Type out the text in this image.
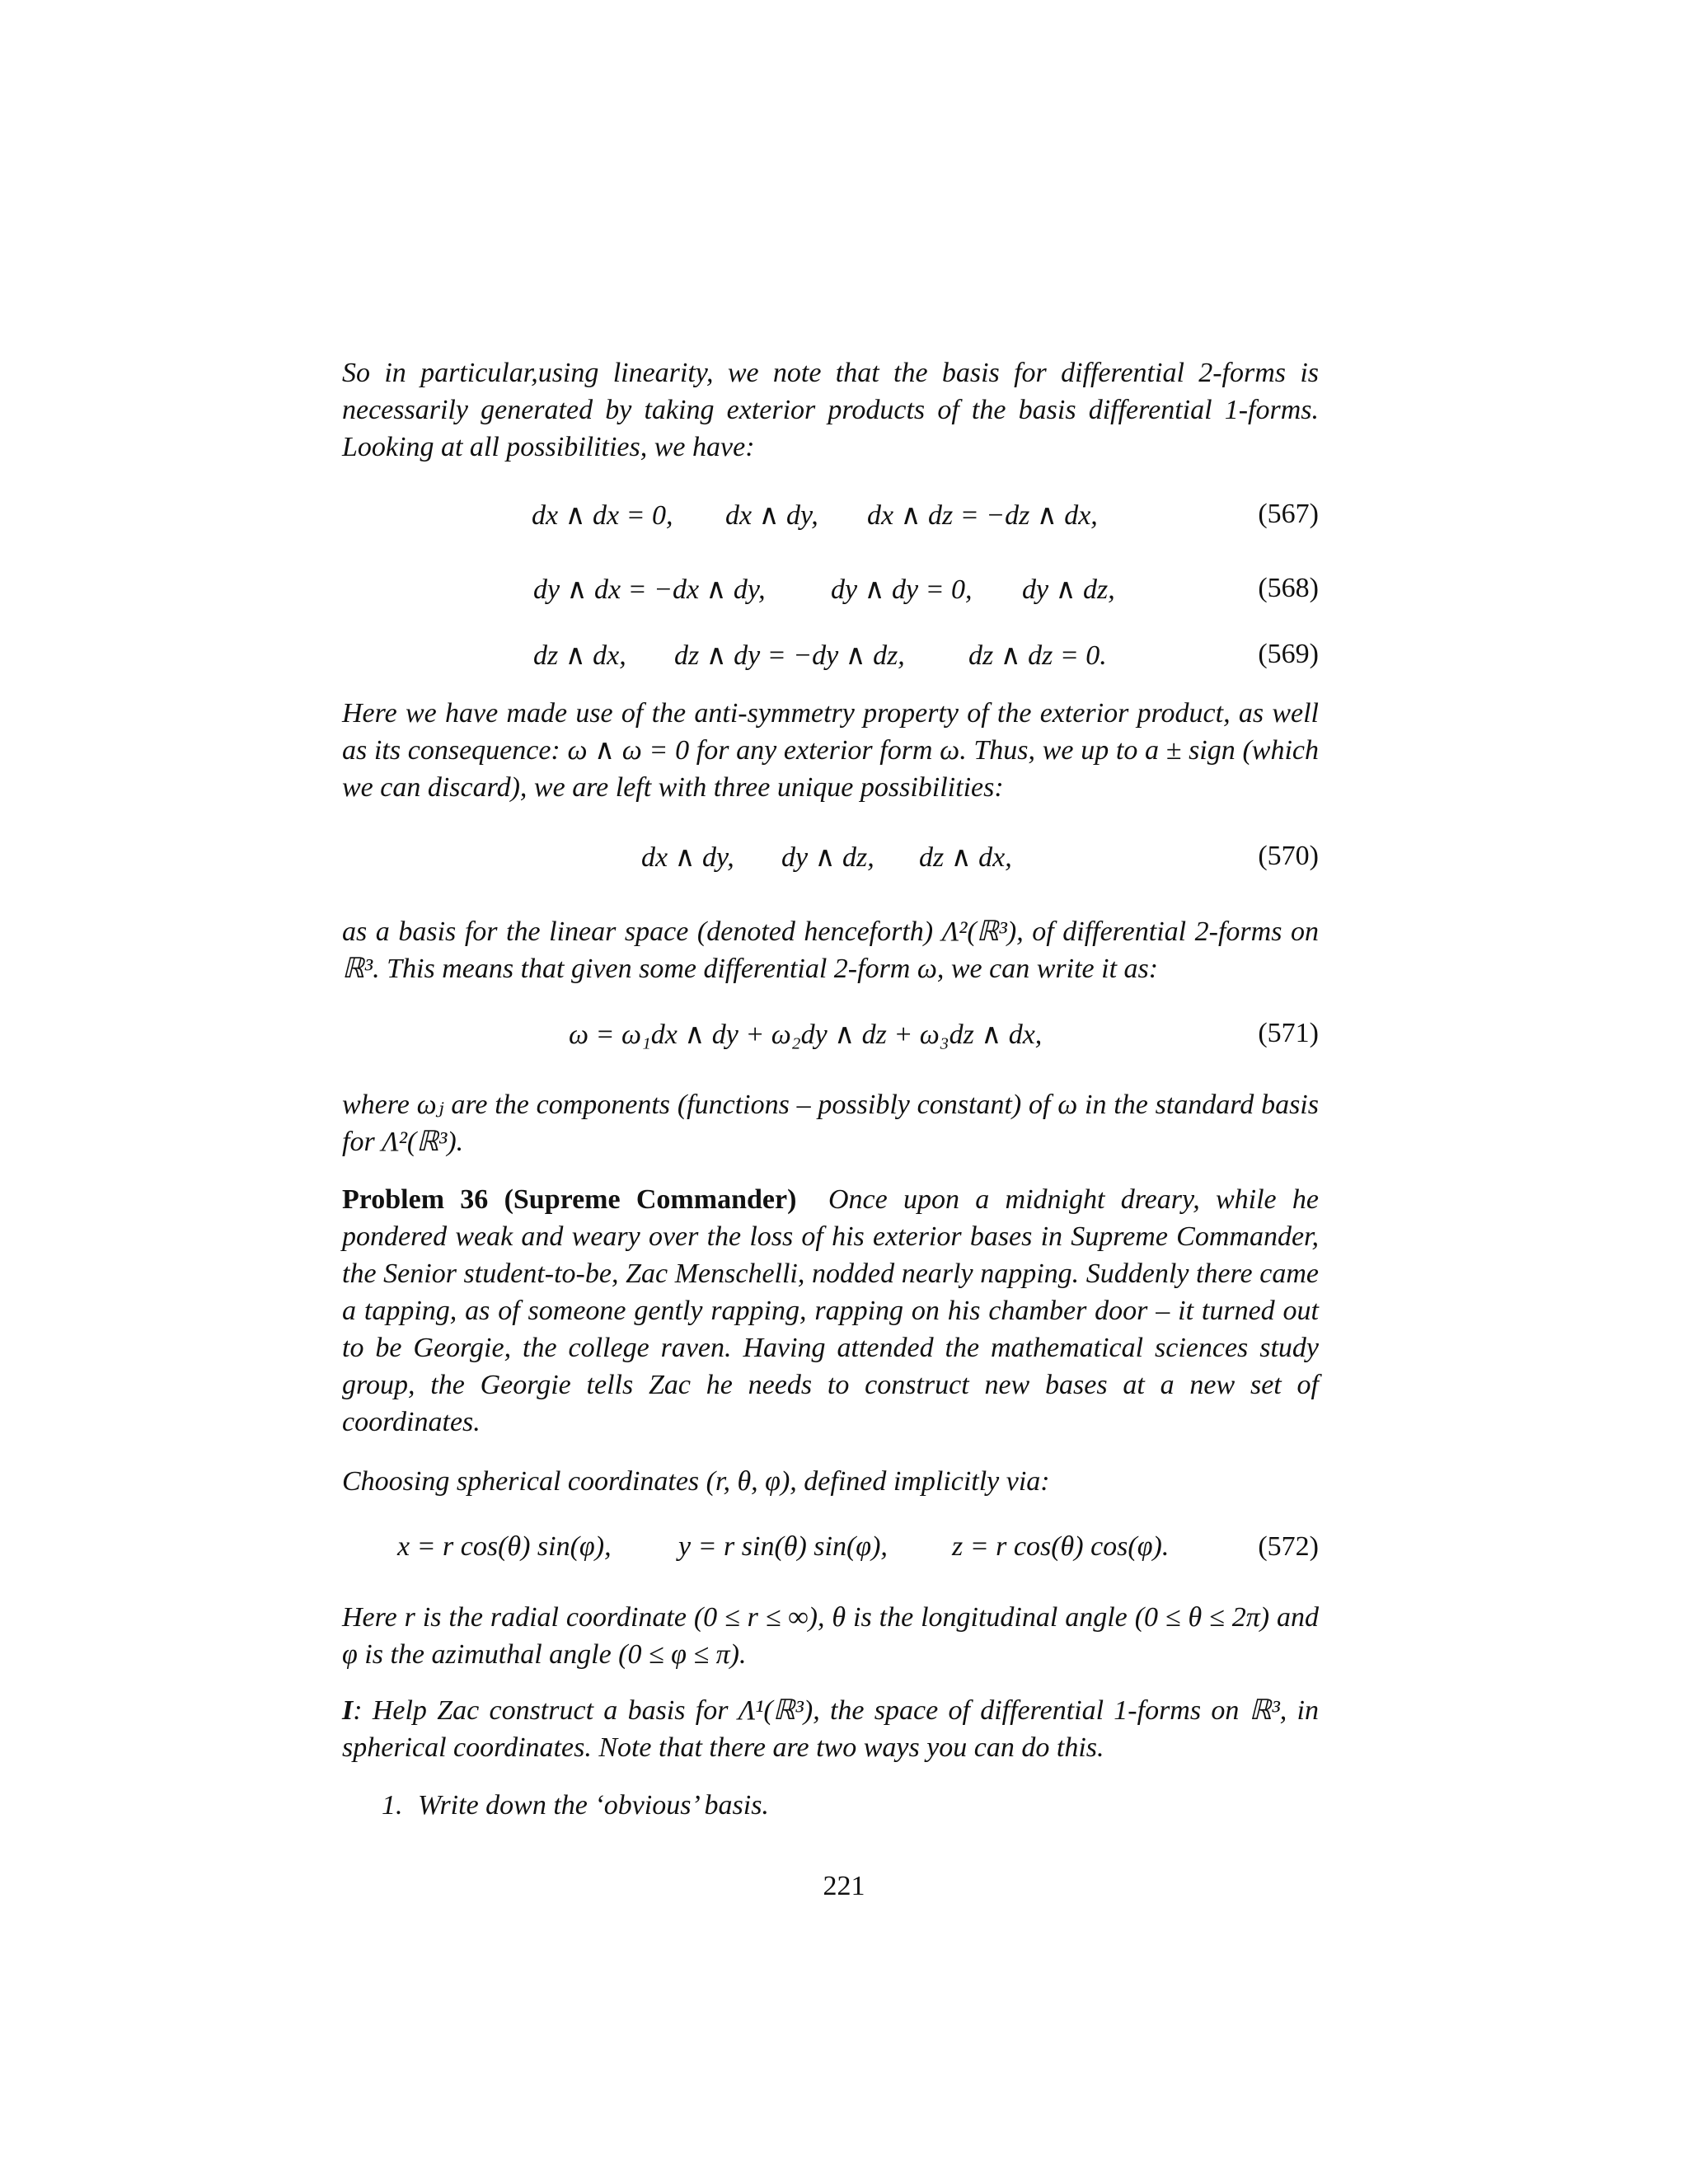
So in particular,using linearity, we note that the basis for differential 2-forms is necessarily generated by taking exterior products of the basis differential 1-forms. Looking at all possibilities, we have:

dx ∧ dx = 0, dx ∧ dy, dx ∧ dz = −dz ∧ dx,	(567)
dy ∧ dx = −dx ∧ dy, dy ∧ dy = 0, dy ∧ dz,	(568)
dz ∧ dx, dz ∧ dy = −dy ∧ dz, dz ∧ dz = 0.	(569)

Here we have made use of the anti-symmetry property of the exterior product, as well as its consequence: ω ∧ ω = 0 for any exterior form ω. Thus, we up to a ± sign (which we can discard), we are left with three unique possibilities:

dx ∧ dy, dy ∧ dz, dz ∧ dx,	(570)

as a basis for the linear space (denoted henceforth) Λ²(ℝ³), of differential 2-forms on ℝ³. This means that given some differential 2-form ω, we can write it as:

ω = ω₁dx ∧ dy + ω₂dy ∧ dz + ω₃dz ∧ dx,	(571)

where ωⱼ are the components (functions – possibly constant) of ω in the standard basis for Λ²(ℝ³).

Problem 36 (Supreme Commander) Once upon a midnight dreary, while he pondered weak and weary over the loss of his exterior bases in Supreme Commander, the Senior student-to-be, Zac Menschelli, nodded nearly napping. Suddenly there came a tapping, as of someone gently rapping, rapping on his chamber door – it turned out to be Georgie, the college raven. Having attended the mathematical sciences study group, the Georgie tells Zac he needs to construct new bases at a new set of coordinates.

Choosing spherical coordinates (r, θ, φ), defined implicitly via:

x = r cos(θ) sin(φ), y = r sin(θ) sin(φ), z = r cos(θ) cos(φ).	(572)

Here r is the radial coordinate (0 ≤ r ≤ ∞), θ is the longitudinal angle (0 ≤ θ ≤ 2π) and φ is the azimuthal angle (0 ≤ φ ≤ π).

I: Help Zac construct a basis for Λ¹(ℝ³), the space of differential 1-forms on ℝ³, in spherical coordinates. Note that there are two ways you can do this.

1. Write down the ‘obvious’ basis.

221
